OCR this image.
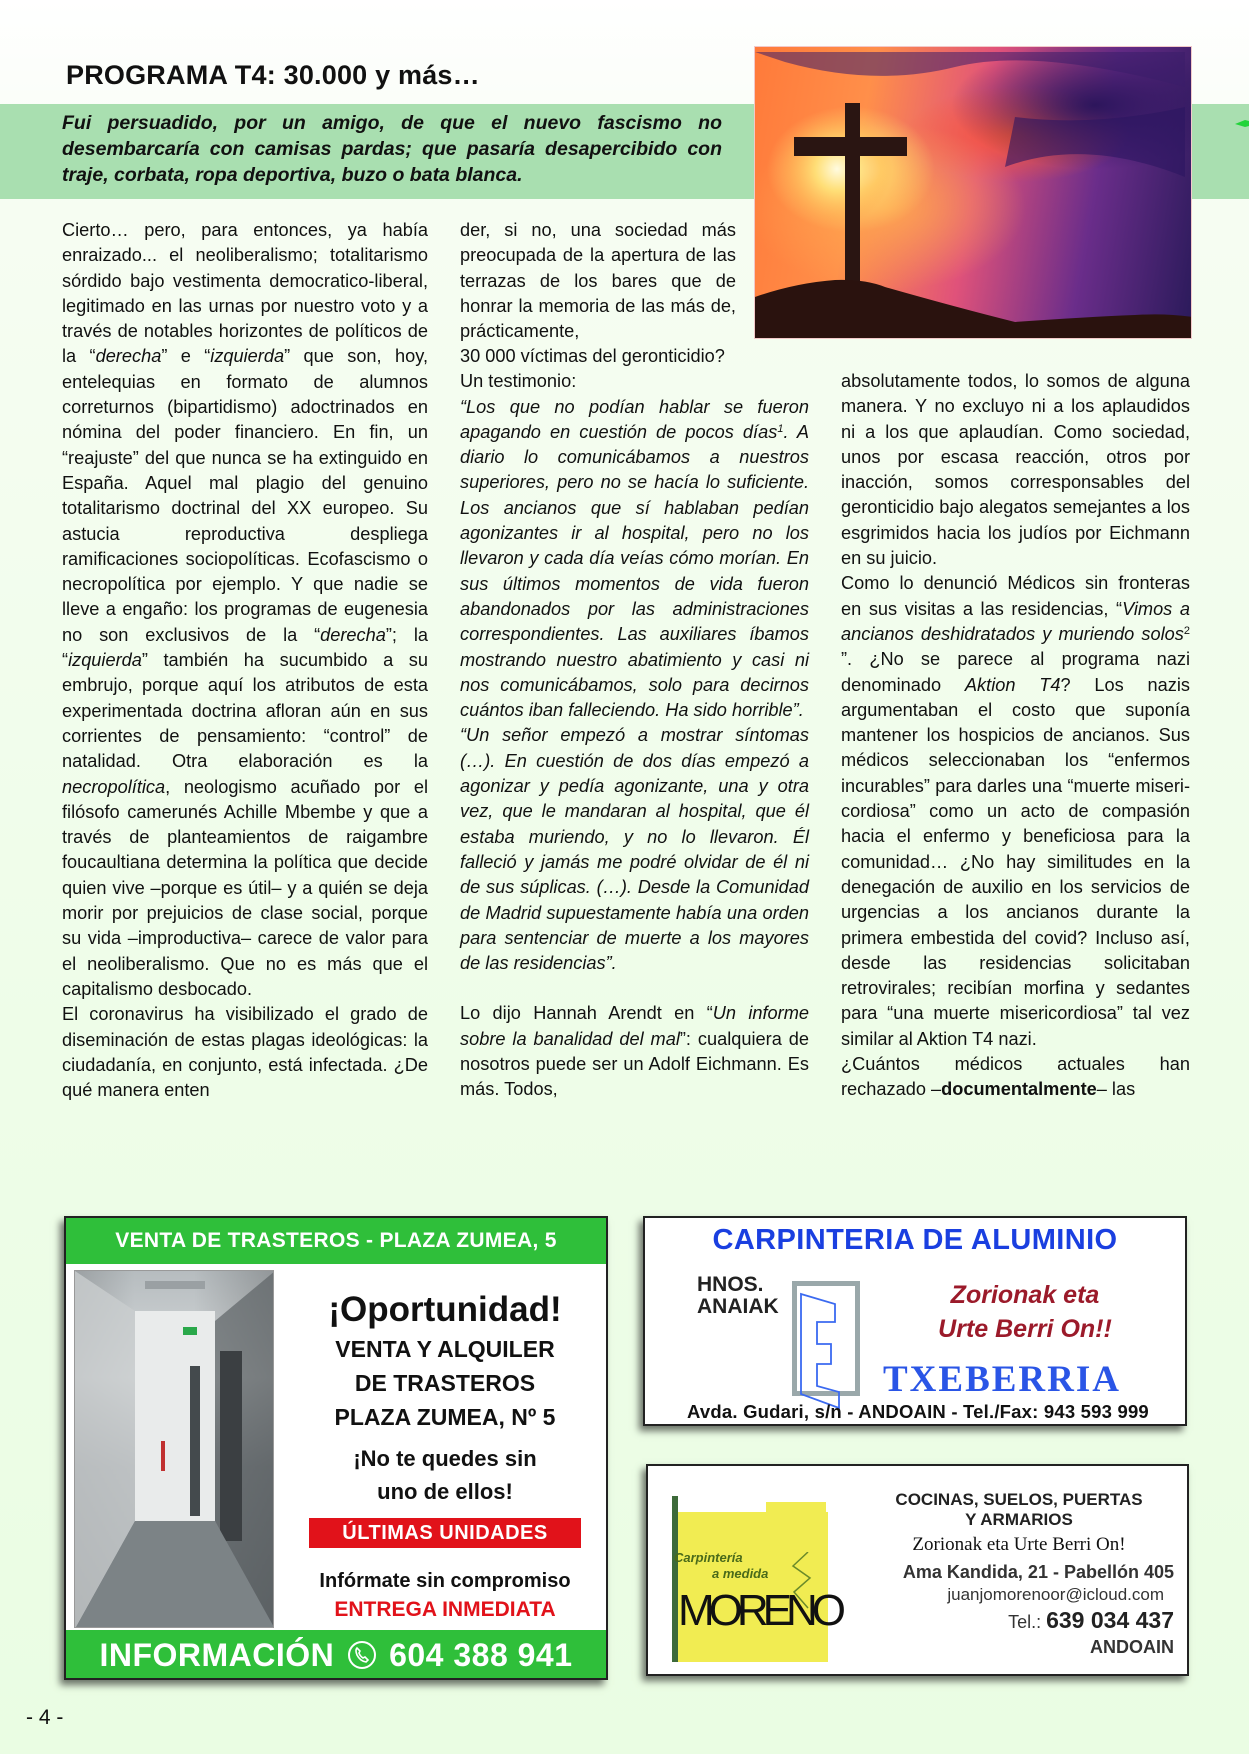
PROGRAMA T4: 30.000 y más…

Fui persuadido, por un amigo, de que el nuevo fascismo no desembarcaría con camisas pardas; que pasaría desapercibido con traje, corbata, ropa deportiva, buzo o bata blanca.

Cierto… pero, para entonces, ya había enraizado... el neoliberalismo; totalitarismo sórdido bajo vestimenta democratico-liberal, legitimado en las urnas por nuestro voto y a través de notables horizontes de políticos de la “derecha” e “izquierda” que son, hoy, entelequias en formato de alumnos correturnos (bipartidismo) adoctrinados en nómina del poder financiero. En fin, un “reajuste” del que nunca se ha extinguido en España. Aquel mal plagio del genuino totalitarismo doctrinal del XX europeo. Su astucia reproductiva despliega ramificaciones sociopolíticas. Ecofascismo o necropolítica por ejemplo. Y que nadie se lleve a engaño: los programas de eugenesia no son exclusivos de la “derecha”; la “izquierda” también ha sucumbido a su embrujo, porque aquí los atributos de esta experimentada doctrina afloran aún en sus corrientes de pensamiento: “control” de natalidad. Otra elaboración es la necropolítica, neologismo acuñado por el filósofo camerunés Achille Mbembe y que a través de planteamientos de raigambre foucaultiana determina la política que decide quien vive –porque es útil– y a quién se deja morir por prejuicios de clase social, porque su vida –improductiva– carece de valor para el neoliberalismo. Que no es más que el capitalismo desbocado.

El coronavirus ha visibilizado el grado de diseminación de estas plagas ideológicas: la ciudadanía, en conjunto, está infectada. ¿De qué manera enten

der, si no, una sociedad más preocupada de la apertura de las terrazas de los bares que de honrar la memoria de las más de, prácticamente,

30 000 víctimas del geronticidio?

Un testimonio:

“Los que no podían hablar se fueron apagando en cuestión de pocos días$^1$. A diario lo comunicábamos a nuestros superiores, pero no se hacía lo suficiente. Los ancianos que sí hablaban pedían agonizantes ir al hospital, pero no los llevaron y cada día veías cómo morían. En sus últimos momentos de vida fueron abandonados por las administraciones correspondientes. Las auxiliares íbamos mostrando nuestro abatimiento y casi ni nos comunicábamos, solo para decirnos cuántos iban falleciendo. Ha sido horrible”.

“Un señor empezó a mostrar síntomas (…). En cuestión de dos días empezó a agonizar y pedía agonizante, una y otra vez, que le mandaran al hospital, que él estaba muriendo, y no lo llevaron. Él falleció y jamás me podré olvidar de él ni de sus súplicas. (…). Desde la Comunidad de Madrid supuestamente había una orden para sentenciar de muerte a los mayores de las residencias”.

Lo dijo Hannah Arendt en “Un informe sobre la banalidad del mal”: cualquiera de nosotros puede ser un Adolf Eichmann. Es más. Todos,

absolutamente todos, lo somos de alguna manera. Y no excluyo ni a los aplaudidos ni a los que aplaudían. Como sociedad, unos por escasa reacción, otros por inacción, somos corresponsables del geronticidio bajo alegatos semejantes a los esgrimidos hacia los judíos por Eichmann en su juicio.

Como lo denunció Médicos sin fronteras en sus visitas a las residencias, “Vimos a ancianos deshidratados y muriendo solos$^2$ ”. ¿No se parece al programa nazi denominado Aktion T4? Los nazis argumentaban el costo que suponía mantener los hospicios de ancianos. Sus médicos seleccionaban los “enfermos incurables” para darles una “muerte misericordiosa” como un acto de compasión hacia el enfermo y beneficiosa para la comunidad… ¿No hay similitudes en la denegación de auxilio en los servicios de urgencias a los ancianos durante la primera embestida del covid? Incluso así, desde las residencias solicitaban retrovirales; recibían morfina y sedantes para “una muerte misericordiosa” tal vez similar al Aktion T4 nazi.

¿Cuántos médicos actuales han rechazado –documentalmente– las

VENTA DE TRASTEROS - PLAZA ZUMEA, 5
¡Oportunidad!
VENTA Y ALQUILER
DE TRASTEROS
PLAZA ZUMEA, Nº 5
¡No te quedes sin
uno de ellos!
ÚLTIMAS UNIDADES
Infórmate sin compromiso
ENTREGA INMEDIATA
INFORMACIÓN 604 388 941
CARPINTERIA DE ALUMINIO
HNOS.
ANAIAK	Zorionak eta
Urte Berri On!!
TXEBERRIA
Avda. Gudari, s/n - ANDOAIN - Tel./Fax: 943 593 999
Carpintería
a medida
MORENO
COCINAS, SUELOS, PUERTAS
Y ARMARIOS
Zorionak eta Urte Berri On!
Ama Kandida, 21 - Pabellón 405
juanjomorenoor@icloud.com
Tel.: 639 034 437
ANDOAIN
- 4 -
